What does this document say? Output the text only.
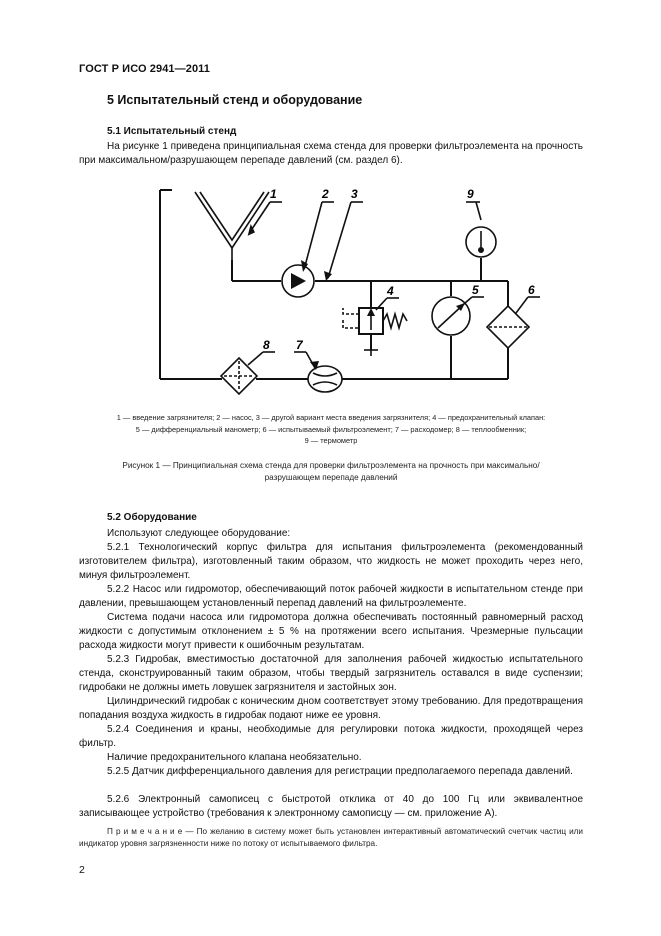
ГОСТ Р ИСО 2941—2011
5 Испытательный стенд и оборудование
5.1 Испытательный стенд

На рисунке 1 приведена принципиальная схема стенда для проверки фильтроэлемента на прочность при максимальном/разрушающем перепаде давлений (см. раздел 6).

1	2 3
4	5	6
7
8
9
1 — введение загрязнителя; 2 — насос, 3 — другой вариант места введения загрязнителя; 4 — предохранительный клапан:
5 — дифференциальный манометр; 6 — испытываемый фильтроэлемент; 7 — расходомер; 8 — теплообменник;
9 — термометр
Рисунок 1 — Принципиальная схема стенда для проверки фильтроэлемента на прочность при максимально/разрушающем перепаде давлений
5.2 Оборудование

Используют следующее оборудование:

5.2.1 Технологический корпус фильтра для испытания фильтроэлемента (рекомендованный изготовителем фильтра), изготовленный таким образом, что жидкость не может проходить через него, минуя фильтроэлемент.

5.2.2 Насос или гидромотор, обеспечивающий поток рабочей жидкости в испытательном стенде при давлении, превышающем установленный перепад давлений на фильтроэлементе.

Система подачи насоса или гидромотора должна обеспечивать постоянный равномерный расход жидкости с допустимым отклонением ± 5 % на протяжении всего испытания. Чрезмерные пульсации расхода жидкости могут привести к ошибочным результатам.

5.2.3 Гидробак, вместимостью достаточной для заполнения рабочей жидкостью испытательного стенда, сконструированный таким образом, чтобы твердый загрязнитель оставался в виде суспензии; гидробаки не должны иметь ловушек загрязнителя и застойных зон.

Цилиндрический гидробак с коническим дном соответствует этому требованию. Для предотвращения попадания воздуха жидкость в гидробак подают ниже ее уровня.

5.2.4 Соединения и краны, необходимые для регулировки потока жидкости, проходящей через фильтр.

Наличие предохранительного клапана необязательно.

5.2.5 Датчик дифференциального давления для регистрации предполагаемого перепада давлений.

5.2.6 Электронный самописец с быстротой отклика от 40 до 100 Гц или эквивалентное записывающее устройство (требования к электронному самописцу — см. приложение А).

П р и м е ч а н и е — По желанию в систему может быть установлен интерактивный автоматический счетчик частиц или индикатор уровня загрязненности ниже по потоку от испытываемого фильтра.

2
